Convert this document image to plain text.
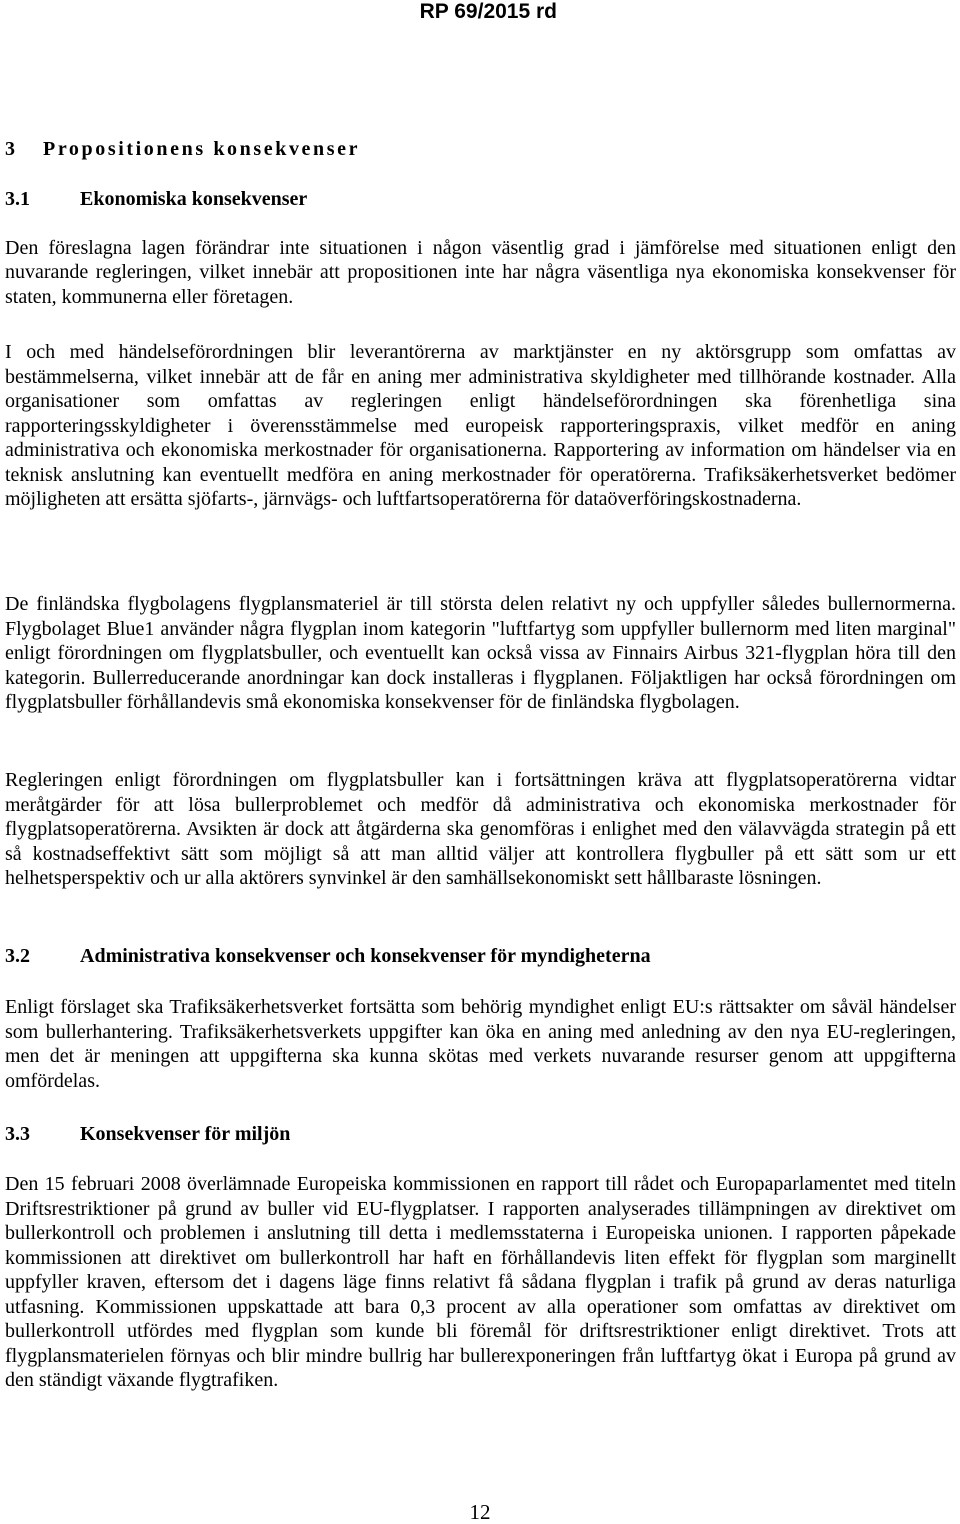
RP 69/2015 rd
3 Propositionens konsekvenser
3.1	Ekonomiska konsekvenser

Den föreslagna lagen förändrar inte situationen i någon väsentlig grad i jämförelse med situationen enligt den nuvarande regleringen, vilket innebär att propositionen inte har några väsentliga nya ekonomiska konsekvenser för staten, kommunerna eller företagen.

I och med händelseförordningen blir leverantörerna av marktjänster en ny aktörsgrupp som omfattas av bestämmelserna, vilket innebär att de får en aning mer administrativa skyldigheter med tillhörande kostnader. Alla organisationer som omfattas av regleringen enligt händelseförordningen ska förenhetliga sina rapporteringsskyldigheter i överensstämmelse med europeisk rapporteringspraxis, vilket medför en aning administrativa och ekonomiska merkostnader för organisationerna. Rapportering av information om händelser via en teknisk anslutning kan eventuellt medföra en aning merkostnader för operatörerna. Trafiksäkerhetsverket bedömer möjligheten att ersätta sjöfarts-, järnvägs- och luftfartsoperatörerna för dataöverföringskostnaderna.

De finländska flygbolagens flygplansmateriel är till största delen relativt ny och uppfyller således bullernormerna. Flygbolaget Blue1 använder några flygplan inom kategorin "luftfartyg som uppfyller bullernorm med liten marginal" enligt förordningen om flygplatsbuller, och eventuellt kan också vissa av Finnairs Airbus 321-flygplan höra till den kategorin. Bullerreducerande anordningar kan dock installeras i flygplanen. Följaktligen har också förordningen om flygplatsbuller förhållandevis små ekonomiska konsekvenser för de finländska flygbolagen.

Regleringen enligt förordningen om flygplatsbuller kan i fortsättningen kräva att flygplatsoperatörerna vidtar meråtgärder för att lösa bullerproblemet och medför då administrativa och ekonomiska merkostnader för flygplatsoperatörerna. Avsikten är dock att åtgärderna ska genomföras i enlighet med den välavvägda strategin på ett så kostnadseffektivt sätt som möjligt så att man alltid väljer att kontrollera flygbuller på ett sätt som ur ett helhetsperspektiv och ur alla aktörers synvinkel är den samhällsekonomiskt sett hållbaraste lösningen.

3.2	Administrativa konsekvenser och konsekvenser för myndigheterna

Enligt förslaget ska Trafiksäkerhetsverket fortsätta som behörig myndighet enligt EU:s rättsakter om såväl händelser som bullerhantering. Trafiksäkerhetsverkets uppgifter kan öka en aning med anledning av den nya EU-regleringen, men det är meningen att uppgifterna ska kunna skötas med verkets nuvarande resurser genom att uppgifterna omfördelas.

3.3	Konsekvenser för miljön

Den 15 februari 2008 överlämnade Europeiska kommissionen en rapport till rådet och Europaparlamentet med titeln Driftsrestriktioner på grund av buller vid EU-flygplatser. I rapporten analyserades tillämpningen av direktivet om bullerkontroll och problemen i anslutning till detta i medlemsstaterna i Europeiska unionen. I rapporten påpekade kommissionen att direktivet om bullerkontroll har haft en förhållandevis liten effekt för flygplan som marginellt uppfyller kraven, eftersom det i dagens läge finns relativt få sådana flygplan i trafik på grund av deras naturliga utfasning. Kommissionen uppskattade att bara 0,3 procent av alla operationer som omfattas av direktivet om bullerkontroll utfördes med flygplan som kunde bli föremål för driftsrestriktioner enligt direktivet. Trots att flygplansmaterielen förnyas och blir mindre bullrig har bullerexponeringen från luftfartyg ökat i Europa på grund av den ständigt växande flygtrafiken.

12
